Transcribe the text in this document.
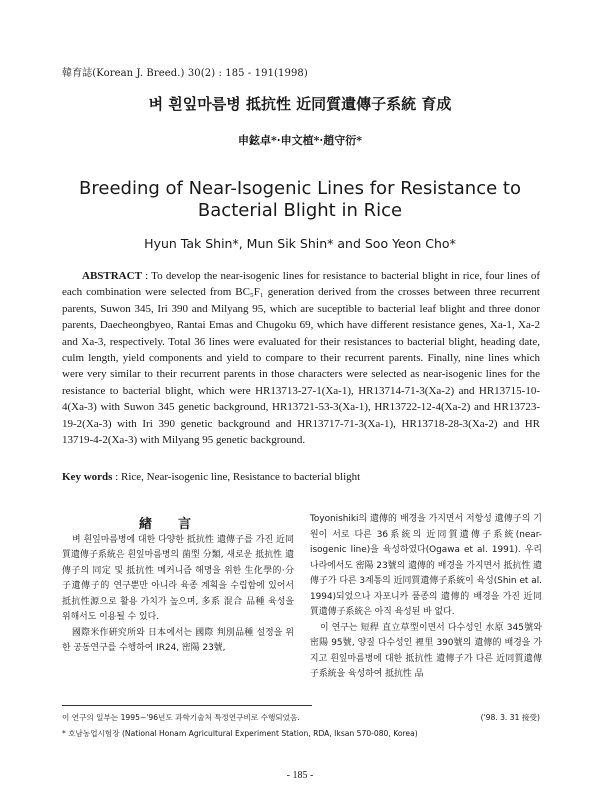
韓育誌(Korean J. Breed.) 30(2) : 185 - 191(1998)
벼 흰잎마름병 抵抗性 近同質遺傳子系統 育成
申鉉卓*·申文植*·趙守衍*
Breeding of Near-Isogenic Lines for Resistance to
Bacterial Blight in Rice
Hyun Tak Shin*, Mun Sik Shin* and Soo Yeon Cho*
ABSTRACT : To develop the near-isogenic lines for resistance to bacterial blight in rice, four lines of each combination were selected from BC₅F₁ generation derived from the crosses between three recurrent parents, Suwon 345, Iri 390 and Milyang 95, which are suceptible to bacterial leaf blight and three donor parents, Daecheongbyeo, Rantai Emas and Chugoku 69, which have different resistance genes, Xa-1, Xa-2 and Xa-3, respectively. Total 36 lines were evaluated for their resistances to bacterial blight, heading date, culm length, yield components and yield to compare to their recurrent parents. Finally, nine lines which were very similar to their recurrent parents in those characters were selected as near-isogenic lines for the resistance to bacterial blight, which were HR13713-27-1(Xa-1), HR13714-71-3(Xa-2) and HR13715-10-4(Xa-3) with Suwon 345 genetic background, HR13721-53-3(Xa-1), HR13722-12-4(Xa-2) and HR13723-19-2(Xa-3) with Iri 390 genetic background and HR13717-71-3(Xa-1), HR13718-28-3(Xa-2) and HR 13719-4-2(Xa-3) with Milyang 95 genetic background.
Key words : Rice, Near-isogenic line, Resistance to bacterial blight

緖言

벼 흰잎마름병에 대한 다양한 抵抗性 遺傳子를 가진 近同質遺傳子系統은 흰잎마름병의 菌型 分類, 새로운 抵抗性 遺傳子의 同定 및 抵抗性 메커니즘 해명을 위한 生化學的·分子遺傳子的 연구뿐만 아니라 육종 계획을 수립함에 있어서 抵抗性源으로 활용 가치가 높으며, 多系 混合 品種 육성을 위해서도 이용될 수 있다.

國際米作硏究所와 日本에서는 國際 判別品種 설정을 위한 공동연구를 수행하여 IR24, 密陽 23號,

Toyonishiki의 遺傳的 배경을 가지면서 저항성 遺傳子의 기원이 서로 다른 36系統의 近同質遺傳子系統(near-isogenic line)을 육성하였다(Ogawa et al. 1991). 우리나라에서도 密陽 23號의 遺傳的 배경을 가지면서 抵抗性 遺傳子가 다른 3계통의 近同質遺傳子系統이 육성(Shin et al. 1994)되었으나 자포니카 품종의 遺傳的 배경을 가진 近同質遺傳子系統은 아직 육성된 바 없다.

이 연구는 短稈 直立草型이면서 다수성인 水原 345號와 密陽 95號, 양질 다수성인 裡里 390號의 遺傳的 배경을 가지고 흰잎마름병에 대한 抵抗性 遺傳子가 다른 近同質遺傳子系統을 육성하여 抵抗性 品

이 연구의 일부는 1995∼'96년도 과학기술처 특정연구비로 수행되었음.	('98. 3. 31 接受)
* 호남농업시험장 (National Honam Agricultural Experiment Station, RDA, Iksan 570-080, Korea)
- 185 -
